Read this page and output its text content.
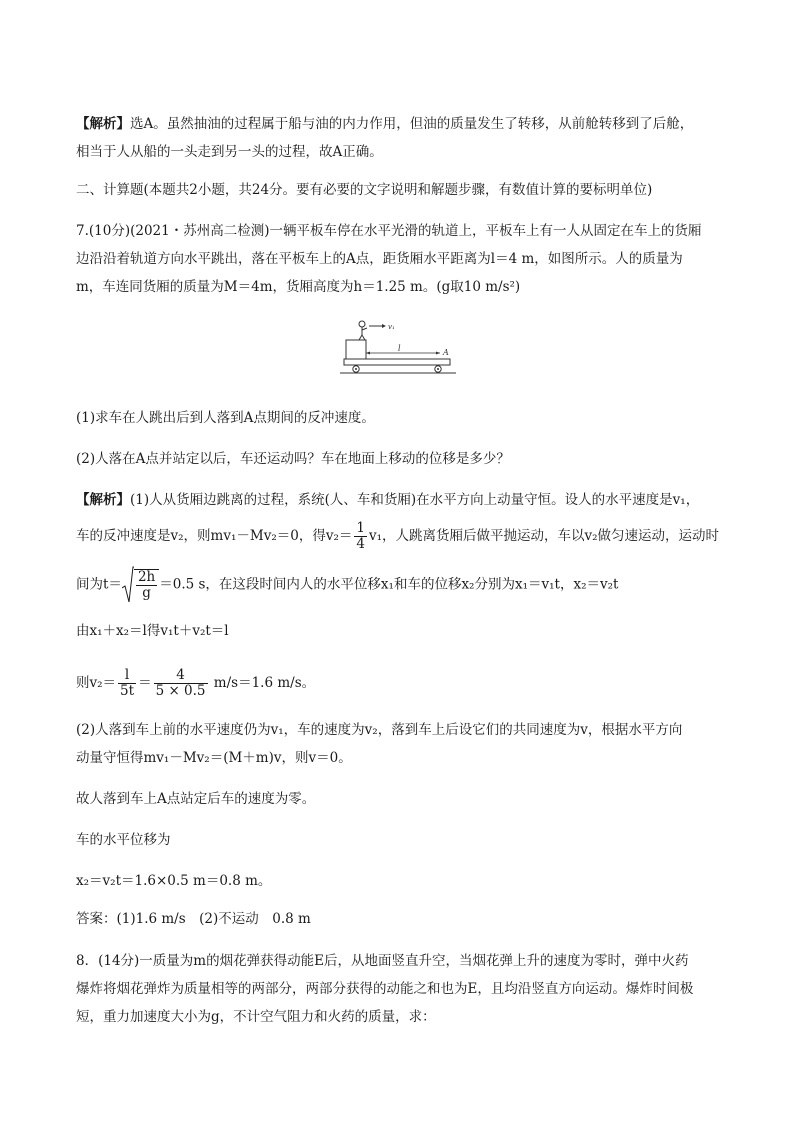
【解析】选A。虽然抽油的过程属于船与油的内力作用，但油的质量发生了转移，从前舱转移到了后舱，
相当于人从船的一头走到另一头的过程，故A正确。
二、计算题(本题共2小题，共24分。要有必要的文字说明和解题步骤，有数值计算的要标明单位)
7.(10分)(2021・苏州高二检测)一辆平板车停在水平光滑的轨道上，平板车上有一人从固定在车上的货厢
边沿沿着轨道方向水平跳出，落在平板车上的A点，距货厢水平距离为l＝4 m，如图所示。人的质量为
m，车连同货厢的质量为M＝4m，货厢高度为h＝1.25 m。(g取10 m/s²)
v₁
l	A
(1)求车在人跳出后到人落到A点期间的反冲速度。
(2)人落在A点并站定以后，车还运动吗？车在地面上移动的位移是多少？
【解析】(1)人从货厢边跳离的过程，系统(人、车和货厢)在水平方向上动量守恒。设人的水平速度是v₁，
车的反冲速度是v₂，则mv₁－Mv₂＝0，得$v_2= \frac{1}{4} v_1$，人跳离货厢后做平抛运动，车以v₂做匀速运动，运动时
间为$t= \frac{2h}{g} =0.5$ s，在这段时间内人的水平位移x₁和车的位移x₂分别为x₁＝v₁t，x₂＝v₂t
由x₁＋x₂＝l得v₁t＋v₂t＝l
则$v_2= \frac{l}{5t} = \frac{4}{5 \times 0.5} m/s=1.6$ m/s。
(2)人落到车上前的水平速度仍为v₁，车的速度为v₂，落到车上后设它们的共同速度为v，根据水平方向
动量守恒得mv₁－Mv₂＝(M＋m)v，则v＝0。
故人落到车上A点站定后车的速度为零。
车的水平位移为
x₂＝v₂t＝1.6×0.5 m＝0.8 m。
答案：(1)1.6 m/s　(2)不运动　0.8 m
8．(14分)一质量为m的烟花弹获得动能E后，从地面竖直升空，当烟花弹上升的速度为零时，弹中火药
爆炸将烟花弹炸为质量相等的两部分，两部分获得的动能之和也为E，且均沿竖直方向运动。爆炸时间极
短，重力加速度大小为g，不计空气阻力和火药的质量，求：
